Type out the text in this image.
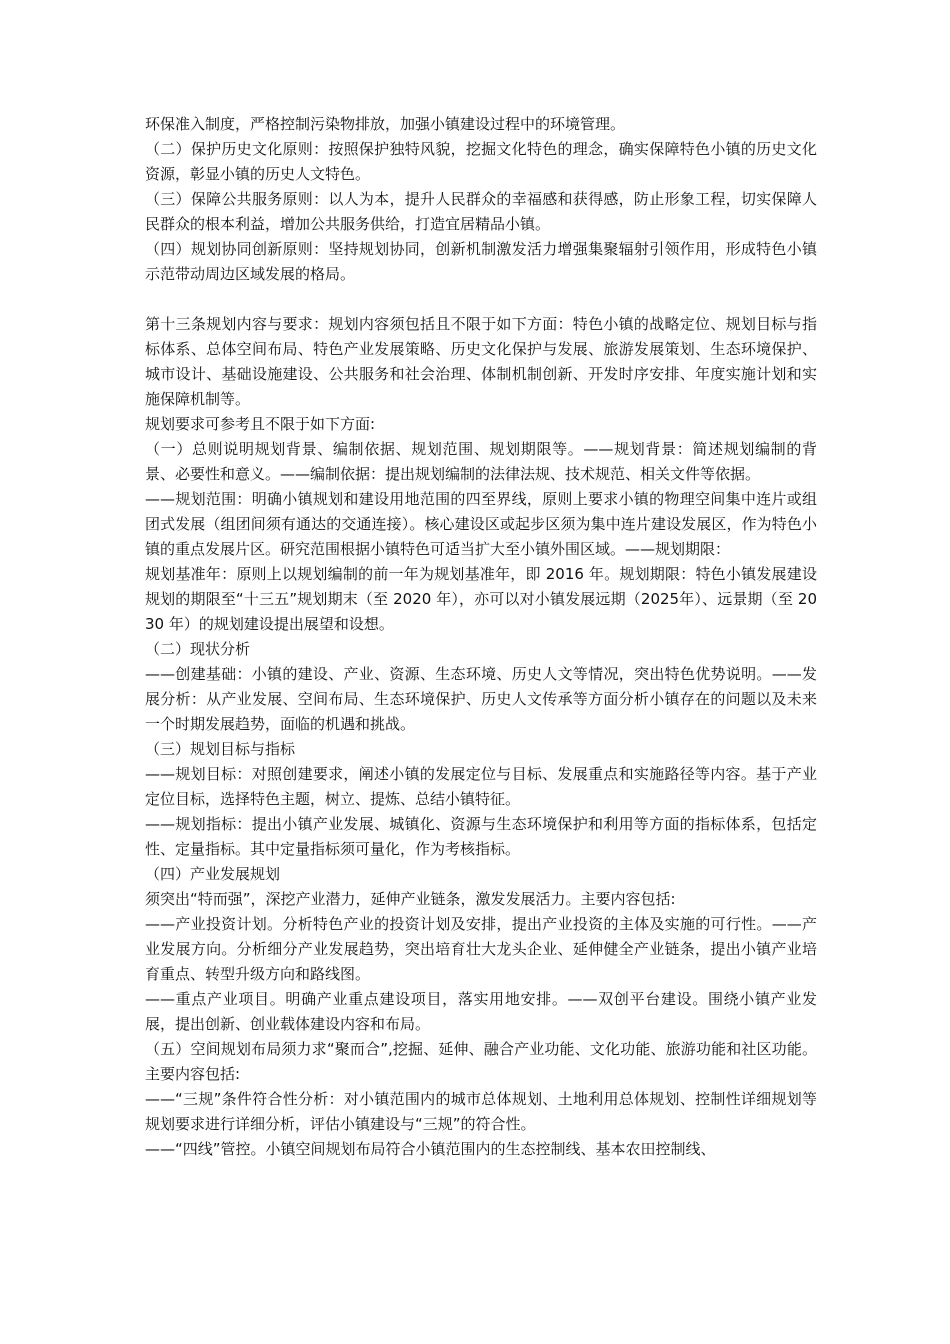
环保准入制度，严格控制污染物排放，加强小镇建设过程中的环境管理。

（二）保护历史文化原则：按照保护独特风貌，挖掘文化特色的理念，确实保障特色小镇的历史文化资源，彰显小镇的历史人文特色。

（三）保障公共服务原则：以人为本，提升人民群众的幸福感和获得感，防止形象工程，切实保障人民群众的根本利益，增加公共服务供给，打造宜居精品小镇。

（四）规划协同创新原则：坚持规划协同，创新机制激发活力增强集聚辐射引领作用，形成特色小镇示范带动周边区域发展的格局。

第十三条规划内容与要求：规划内容须包括且不限于如下方面：特色小镇的战略定位、规划目标与指标体系、总体空间布局、特色产业发展策略、历史文化保护与发展、旅游发展策划、生态环境保护、城市设计、基础设施建设、公共服务和社会治理、体制机制创新、开发时序安排、年度实施计划和实施保障机制等。

规划要求可参考且不限于如下方面:

（一）总则说明规划背景、编制依据、规划范围、规划期限等。——规划背景：简述规划编制的背景、必要性和意义。——编制依据：提出规划编制的法律法规、技术规范、相关文件等依据。

——规划范围：明确小镇规划和建设用地范围的四至界线，原则上要求小镇的物理空间集中连片或组团式发展（组团间须有通达的交通连接）。核心建设区或起步区须为集中连片建设发展区，作为特色小镇的重点发展片区。研究范围根据小镇特色可适当扩大至小镇外围区域。——规划期限：

规划基准年：原则上以规划编制的前一年为规划基准年，即 2016 年。规划期限：特色小镇发展建设规划的期限至“十三五”规划期末（至 2020 年），亦可以对小镇发展远期（2025年）、远景期（至 2030 年）的规划建设提出展望和设想。

（二）现状分析

——创建基础：小镇的建设、产业、资源、生态环境、历史人文等情况，突出特色优势说明。——发展分析：从产业发展、空间布局、生态环境保护、历史人文传承等方面分析小镇存在的问题以及未来一个时期发展趋势，面临的机遇和挑战。

（三）规划目标与指标

——规划目标：对照创建要求，阐述小镇的发展定位与目标、发展重点和实施路径等内容。基于产业定位目标，选择特色主题，树立、提炼、总结小镇特征。

——规划指标：提出小镇产业发展、城镇化、资源与生态环境保护和利用等方面的指标体系，包括定性、定量指标。其中定量指标须可量化，作为考核指标。

（四）产业发展规划

须突出“特而强”，深挖产业潜力，延伸产业链条，激发发展活力。主要内容包括:

——产业投资计划。分析特色产业的投资计划及安排，提出产业投资的主体及实施的可行性。——产业发展方向。分析细分产业发展趋势，突出培育壮大龙头企业、延伸健全产业链条，提出小镇产业培育重点、转型升级方向和路线图。

——重点产业项目。明确产业重点建设项目，落实用地安排。——双创平台建设。围绕小镇产业发展，提出创新、创业载体建设内容和布局。

（五）空间规划布局须力求“聚而合”,挖掘、延伸、融合产业功能、文化功能、旅游功能和社区功能。主要内容包括:

——“三规”条件符合性分析：对小镇范围内的城市总体规划、土地利用总体规划、控制性详细规划等规划要求进行详细分析，评估小镇建设与“三规”的符合性。

——“四线”管控。小镇空间规划布局符合小镇范围内的生态控制线、基本农田控制线、
